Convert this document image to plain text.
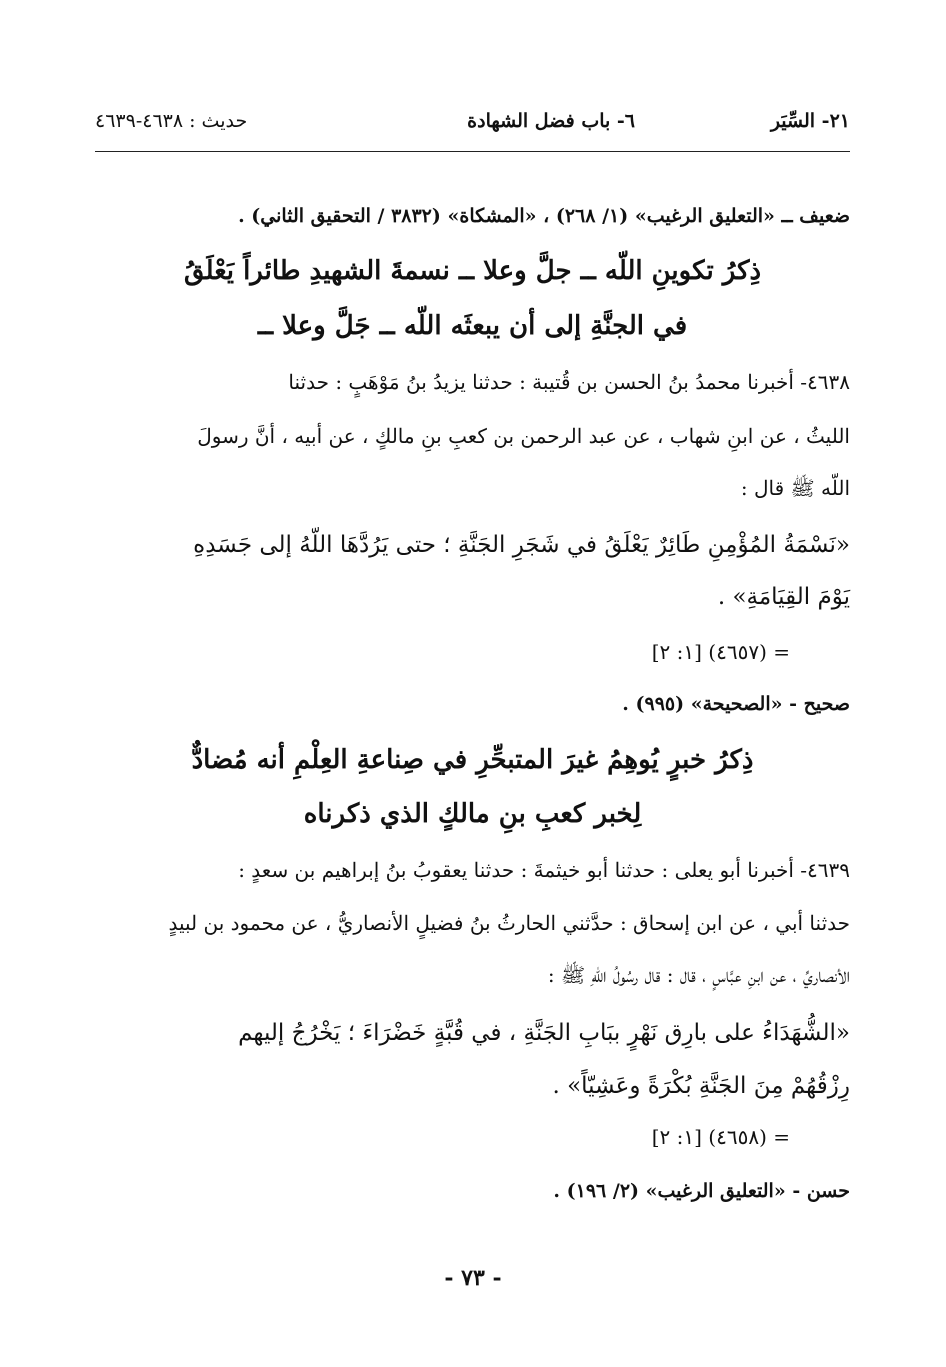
٢١- السِّيَر
٦- باب فضل الشهادة
حديث : ٤٦٣٨-٤٦٣٩
ضعيف ــ «التعليق الرغيب» (١/ ٢٦٨) ، «المشكاة» (٣٨٣٢ / التحقيق الثاني) .
ذِكرُ تكوينِ اللّه ــ جلَّ وعلا ــ نسمةَ الشهيدِ طائراً يَعْلَقُ
في الجنَّةِ إلى أن يبعثَه اللّه ــ جَلَّ وعلا ــ
٤٦٣٨- أخبرنا محمدُ بنُ الحسن بن قُتيبة : حدثنا يزيدُ بنُ مَوْهَبٍ : حدثنا
الليثُ ، عن ابنِ شهاب ، عن عبد الرحمن بن كعبِ بنِ مالكٍ ، عن أبيه ، أنَّ رسولَ
اللّه ﷺ قال :
«نَسْمَةُ المُؤْمِنِ طَائِرٌ يَعْلَقُ في شَجَرِ الجَنَّةِ ؛ حتى يَرُدَّهَا اللّهُ إلى جَسَدِهِ
يَوْمَ القِيَامَةِ» .
= (٤٦٥٧) [١: ٢]
صحيح - «الصحيحة» (٩٩٥) .
ذِكرُ خبرٍ يُوهِمُ غيرَ المتبحِّرِ في صِناعةِ العِلْمِ أنه مُضادٌّ
لِخبر كعبِ بنِ مالكٍ الذي ذكرناه
٤٦٣٩- أخبرنا أبو يعلى : حدثنا أبو خيثمةَ : حدثنا يعقوبُ بنُ إبراهيم بن سعدٍ :
حدثنا أبي ، عن ابن إسحاق : حدَّثني الحارثُ بنُ فضيلٍ الأنصاريُّ ، عن محمود بن لبيدٍ
الأنصاريِّ ، عن ابنِ عبَّاسٍ ، قال : قال رسُولُ اللّهِ ﷺ :
«الشُّهَدَاءُ على بارِق نَهْرٍ ببَابِ الجَنَّةِ ، في قُبَّةٍ خَضْرَاءَ ؛ يَخْرُجُ إليهم
رِزْقُهُمْ مِنَ الجَنَّةِ بُكْرَةً وعَشِيّاً» .
= (٤٦٥٨) [١: ٢]
حسن - «التعليق الرغيب» (٢/ ١٩٦) .
- ٧٣ -
